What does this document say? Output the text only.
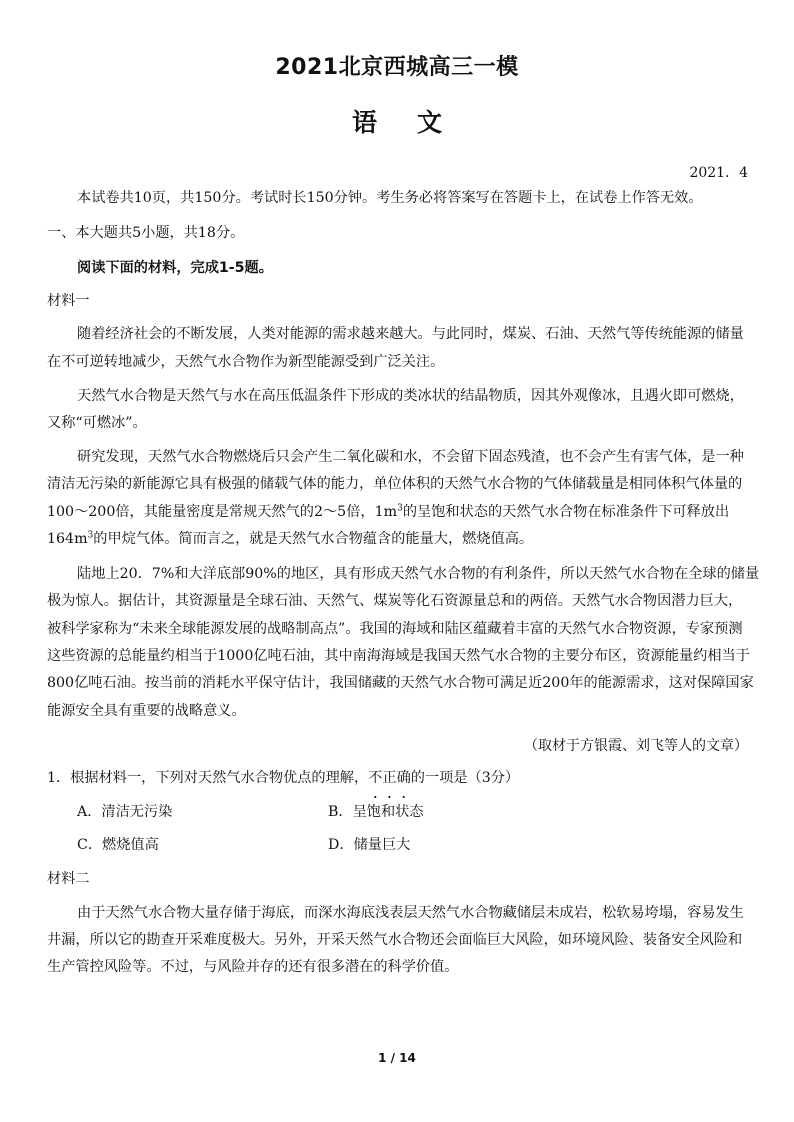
2021北京西城高三一模
语文
2021．4
本试卷共10页，共150分。考试时长150分钟。考生务必将答案写在答题卡上，在试卷上作答无效。
一、本大题共5小题，共18分。
阅读下面的材料，完成1-5题。
材料一
随着经济社会的不断发展，人类对能源的需求越来越大。与此同时，煤炭、石油、天然气等传统能源的储量
在不可逆转地减少，天然气水合物作为新型能源受到广泛关注。
天然气水合物是天然气与水在高压低温条件下形成的类冰状的结晶物质，因其外观像冰，且遇火即可燃烧，
又称“可燃冰”。
研究发现，天然气水合物燃烧后只会产生二氧化碳和水，不会留下固态残渣，也不会产生有害气体，是一种
清洁无污染的新能源它具有极强的储载气体的能力，单位体积的天然气水合物的气体储载量是相同体积气体量的
100～200倍，其能量密度是常规天然气的2～5倍，$1m^3$的呈饱和状态的天然气水合物在标准条件下可释放出
$164m^3$的甲烷气体。简而言之，就是天然气水合物蕴含的能量大，燃烧值高。
陆地上20．7%和大洋底部90%的地区，具有形成天然气水合物的有利条件，所以天然气水合物在全球的储量
极为惊人。据估计，其资源量是全球石油、天然气、煤炭等化石资源量总和的两倍。天然气水合物因潜力巨大，
被科学家称为“未来全球能源发展的战略制高点”。我国的海域和陆区蕴藏着丰富的天然气水合物资源，专家预测
这些资源的总能量约相当于1000亿吨石油，其中南海海域是我国天然气水合物的主要分布区，资源能量约相当于
800亿吨石油。按当前的消耗水平保守估计，我国储藏的天然气水合物可满足近200年的能源需求，这对保障国家
能源安全具有重要的战略意义。
（取材于方银霞、刘飞等人的文章）
1．根据材料一，下列对天然气水合物优点的理解，不正确的一项是（3分）
A．清洁无污染	B．呈饱和状态
C．燃烧值高	D．储量巨大
材料二
由于天然气水合物大量存储于海底，而深水海底浅表层天然气水合物藏储层未成岩，松软易垮塌，容易发生
井漏，所以它的勘查开采难度极大。另外，开采天然气水合物还会面临巨大风险，如环境风险、装备安全风险和
生产管控风险等。不过，与风险并存的还有很多潜在的科学价值。
1 / 14
